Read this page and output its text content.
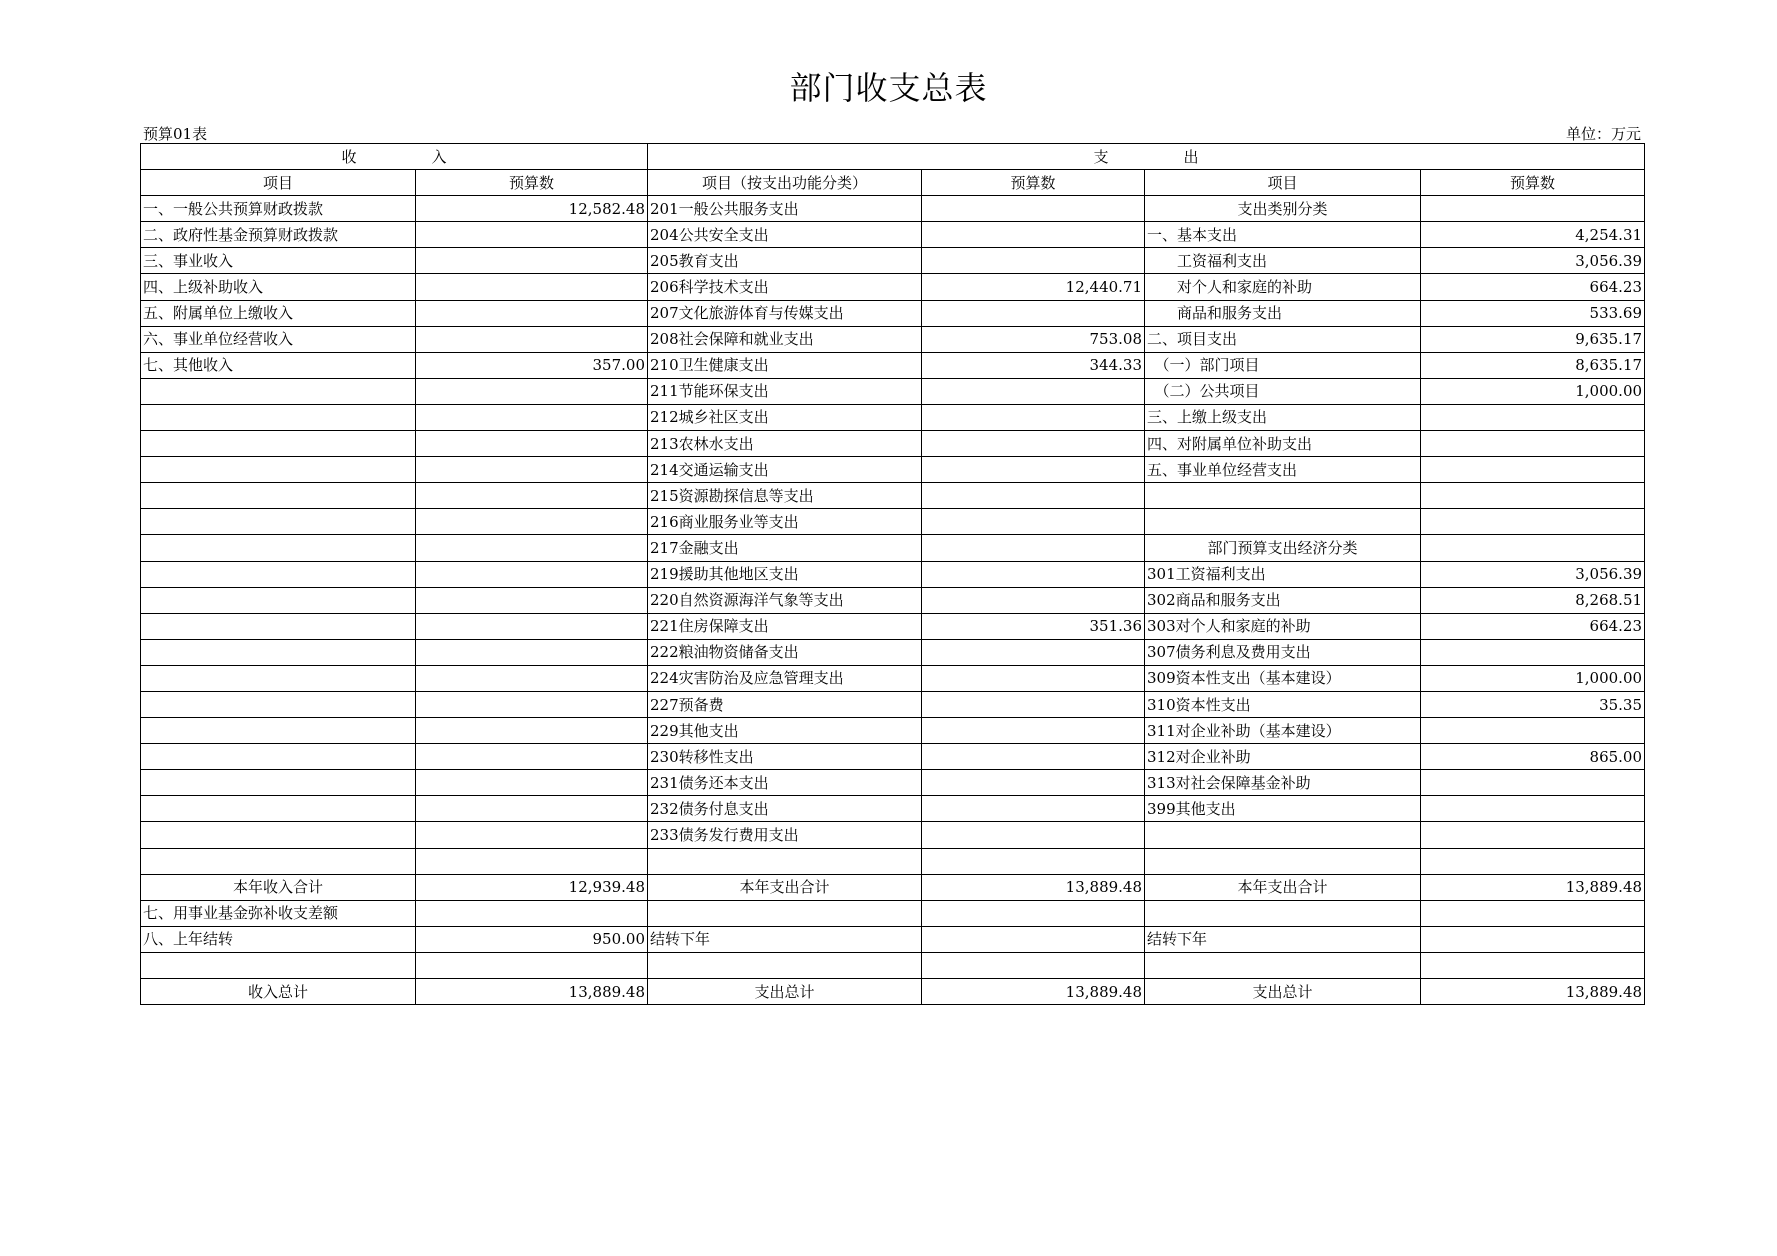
部门收支总表
预算01表	单位：万元
收　　　　　入		支　　　　　出			
项目	预算数	项目（按支出功能分类）	预算数	项目	预算数
一、一般公共预算财政拨款	12,582.48	201一般公共服务支出		支出类别分类	
二、政府性基金预算财政拨款		204公共安全支出		一、基本支出	4,254.31
三、事业收入		205教育支出		　　工资福利支出	3,056.39
四、上级补助收入		206科学技术支出	12,440.71	　　对个人和家庭的补助	664.23
五、附属单位上缴收入		207文化旅游体育与传媒支出		　　商品和服务支出	533.69
六、事业单位经营收入		208社会保障和就业支出	753.08	二、项目支出	9,635.17
七、其他收入	357.00	210卫生健康支出	344.33	　（一）部门项目	8,635.17
		211节能环保支出		　（二）公共项目	1,000.00
		212城乡社区支出		三、上缴上级支出	
		213农林水支出		四、对附属单位补助支出	
		214交通运输支出		五、事业单位经营支出	
		215资源勘探信息等支出			
		216商业服务业等支出			
		217金融支出		部门预算支出经济分类	
		219援助其他地区支出		301工资福利支出	3,056.39
		220自然资源海洋气象等支出		302商品和服务支出	8,268.51
		221住房保障支出	351.36	303对个人和家庭的补助	664.23
		222粮油物资储备支出		307债务利息及费用支出	
		224灾害防治及应急管理支出		309资本性支出（基本建设）	1,000.00
		227预备费		310资本性支出	35.35
		229其他支出		311对企业补助（基本建设）	
		230转移性支出		312对企业补助	865.00
		231债务还本支出		313对社会保障基金补助	
		232债务付息支出		399其他支出	
		233债务发行费用支出			

本年收入合计	12,939.48	本年支出合计	13,889.48	本年支出合计	13,889.48
七、用事业基金弥补收支差额					
八、上年结转	950.00	结转下年		结转下年	

收入总计	13,889.48	支出总计	13,889.48	支出总计	13,889.48
